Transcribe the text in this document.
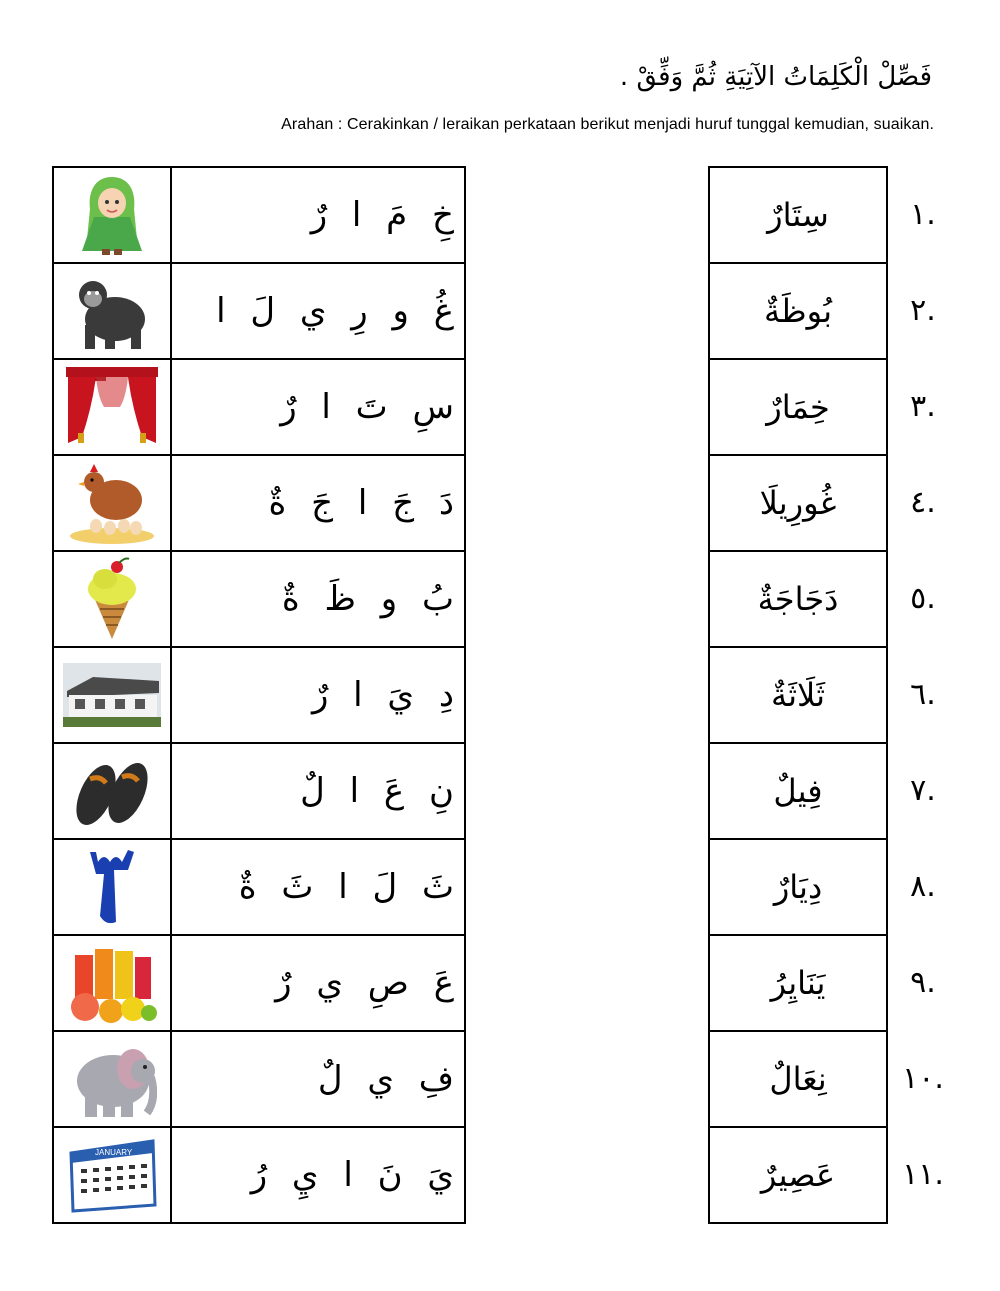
فَصِّلْ الْكَلِمَاتُ الآتِيَةِ ثُمَّ وَفِّقْ .
Arahan : Cerakinkan / leraikan perkataan berikut menjadi huruf tunggal kemudian, suaikan.
خِ مَ ا رٌ
غُ و رِ ي لَ ا
سِ تَ ا رٌ
دَ جَ ا جَ ةٌ
بُ و ظَ ةٌ
دِ يَ ا رٌ
نِ عَ ا لٌ
ثَ لَ ا ثَ ةٌ
عَ صِ ي رٌ
فِ ي لٌ
JANUARY
يَ نَ ا يِ رُ
سِتَارٌ
بُوظَةٌ
خِمَارٌ
غُورِيلَا
دَجَاجَةٌ
ثَلَاثَةٌ
فِيلٌ
دِيَارٌ
يَنَايِرُ
نِعَالٌ
عَصِيرٌ
.١
.٢
.٣
.٤
.٥
.٦
.٧
.٨
.٩
.١٠
.١١
